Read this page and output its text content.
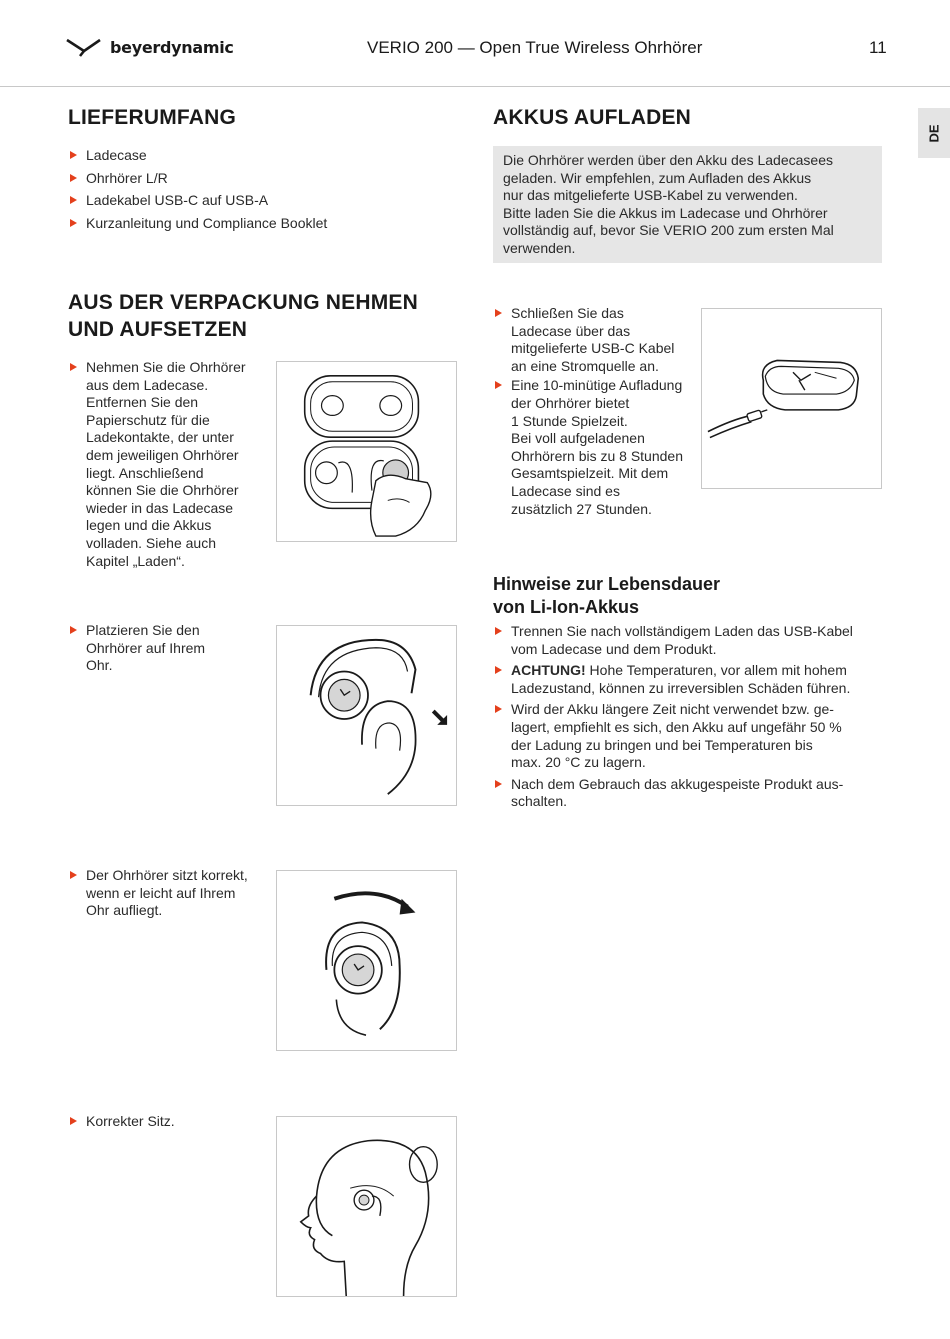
beyerdynamic	VERIO 200 — Open True Wireless Ohrhörer	11
DE
LIEFERUMFANG
Ladecase
Ohrhörer L/R
Ladekabel USB-C auf USB-A
Kurzanleitung und Compliance Booklet
AUS DER VERPACKUNG NEHMEN
UND AUFSETZEN
Nehmen Sie die Ohrhörer
aus dem Ladecase.
Entfernen Sie den
Papierschutz für die
Ladekontakte, der unter
dem jeweiligen Ohrhörer
liegt. Anschließend
können Sie die Ohrhörer
wieder in das Ladecase
legen und die Akkus
volladen. Siehe auch
Kapitel „Laden“.
Platzieren Sie den
Ohrhörer auf Ihrem
Ohr.
Der Ohrhörer sitzt korrekt,
wenn er leicht auf Ihrem
Ohr aufliegt.
Korrekter Sitz.
AKKUS AUFLADEN

Die Ohrhörer werden über den Akku des Ladecasees
geladen. Wir empfehlen, zum Aufladen des Akkus
nur das mitgelieferte USB-Kabel zu verwenden.
Bitte laden Sie die Akkus im Ladecase und Ohrhörer
vollständig auf, bevor Sie VERIO 200 zum ersten Mal
verwenden.

Schließen Sie das
Ladecase über das
mitgelieferte USB-C Kabel
an eine Stromquelle an.
Eine 10-minütige Aufladung
der Ohrhörer bietet
1 Stunde Spielzeit.
Bei voll aufgeladenen
Ohrhörern bis zu 8 Stunden
Gesamtspielzeit. Mit dem
Ladecase sind es
zusätzlich 27 Stunden.
Hinweise zur Lebensdauer
von Li-Ion-Akkus
Trennen Sie nach vollständigem Laden das USB-Kabel
vom Ladecase und dem Produkt.
ACHTUNG! Hohe Temperaturen, vor allem mit hohem
Ladezustand, können zu irreversiblen Schäden führen.
Wird der Akku längere Zeit nicht verwendet bzw. ge-
lagert, empfiehlt es sich, den Akku auf ungefähr 50 %
der Ladung zu bringen und bei Temperaturen bis
max. 20 °C zu lagern.
Nach dem Gebrauch das akkugespeiste Produkt aus-
schalten.
